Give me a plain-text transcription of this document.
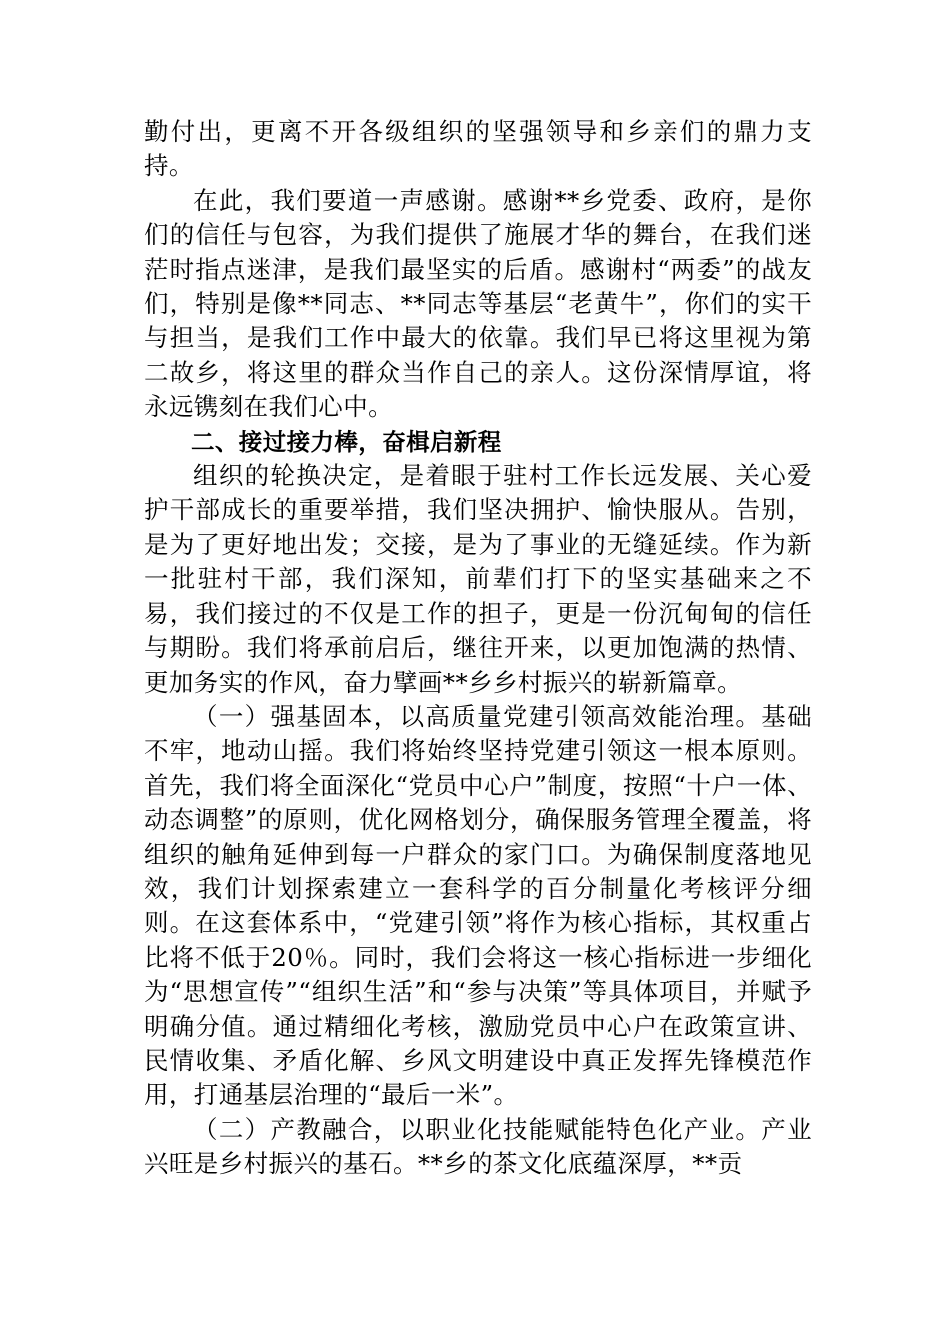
勤付出，更离不开各级组织的坚强领导和乡亲们的鼎力支持。

在此，我们要道一声感谢。感谢**乡党委、政府，是你们的信任与包容，为我们提供了施展才华的舞台，在我们迷茫时指点迷津，是我们最坚实的后盾。感谢村“两委”的战友们，特别是像**同志、**同志等基层“老黄牛”，你们的实干与担当，是我们工作中最大的依靠。我们早已将这里视为第二故乡，将这里的群众当作自己的亲人。这份深情厚谊，将永远镌刻在我们心中。

二、接过接力棒，奋楫启新程

组织的轮换决定，是着眼于驻村工作长远发展、关心爱护干部成长的重要举措，我们坚决拥护、愉快服从。告别，是为了更好地出发；交接，是为了事业的无缝延续。作为新一批驻村干部，我们深知，前辈们打下的坚实基础来之不易，我们接过的不仅是工作的担子，更是一份沉甸甸的信任与期盼。我们将承前启后，继往开来，以更加饱满的热情、更加务实的作风，奋力擘画**乡乡村振兴的崭新篇章。

（一）强基固本，以高质量党建引领高效能治理。基础不牢，地动山摇。我们将始终坚持党建引领这一根本原则。首先，我们将全面深化“党员中心户”制度，按照“十户一体、动态调整”的原则，优化网格划分，确保服务管理全覆盖，将组织的触角延伸到每一户群众的家门口。为确保制度落地见效，我们计划探索建立一套科学的百分制量化考核评分细则。在这套体系中，“党建引领”将作为核心指标，其权重占比将不低于20％。同时，我们会将这一核心指标进一步细化为“思想宣传”“组织生活”和“参与决策”等具体项目，并赋予明确分值。通过精细化考核，激励党员中心户在政策宣讲、民情收集、矛盾化解、乡风文明建设中真正发挥先锋模范作用，打通基层治理的“最后一米”。

（二）产教融合，以职业化技能赋能特色化产业。产业兴旺是乡村振兴的基石。**乡的茶文化底蕴深厚，**贡
